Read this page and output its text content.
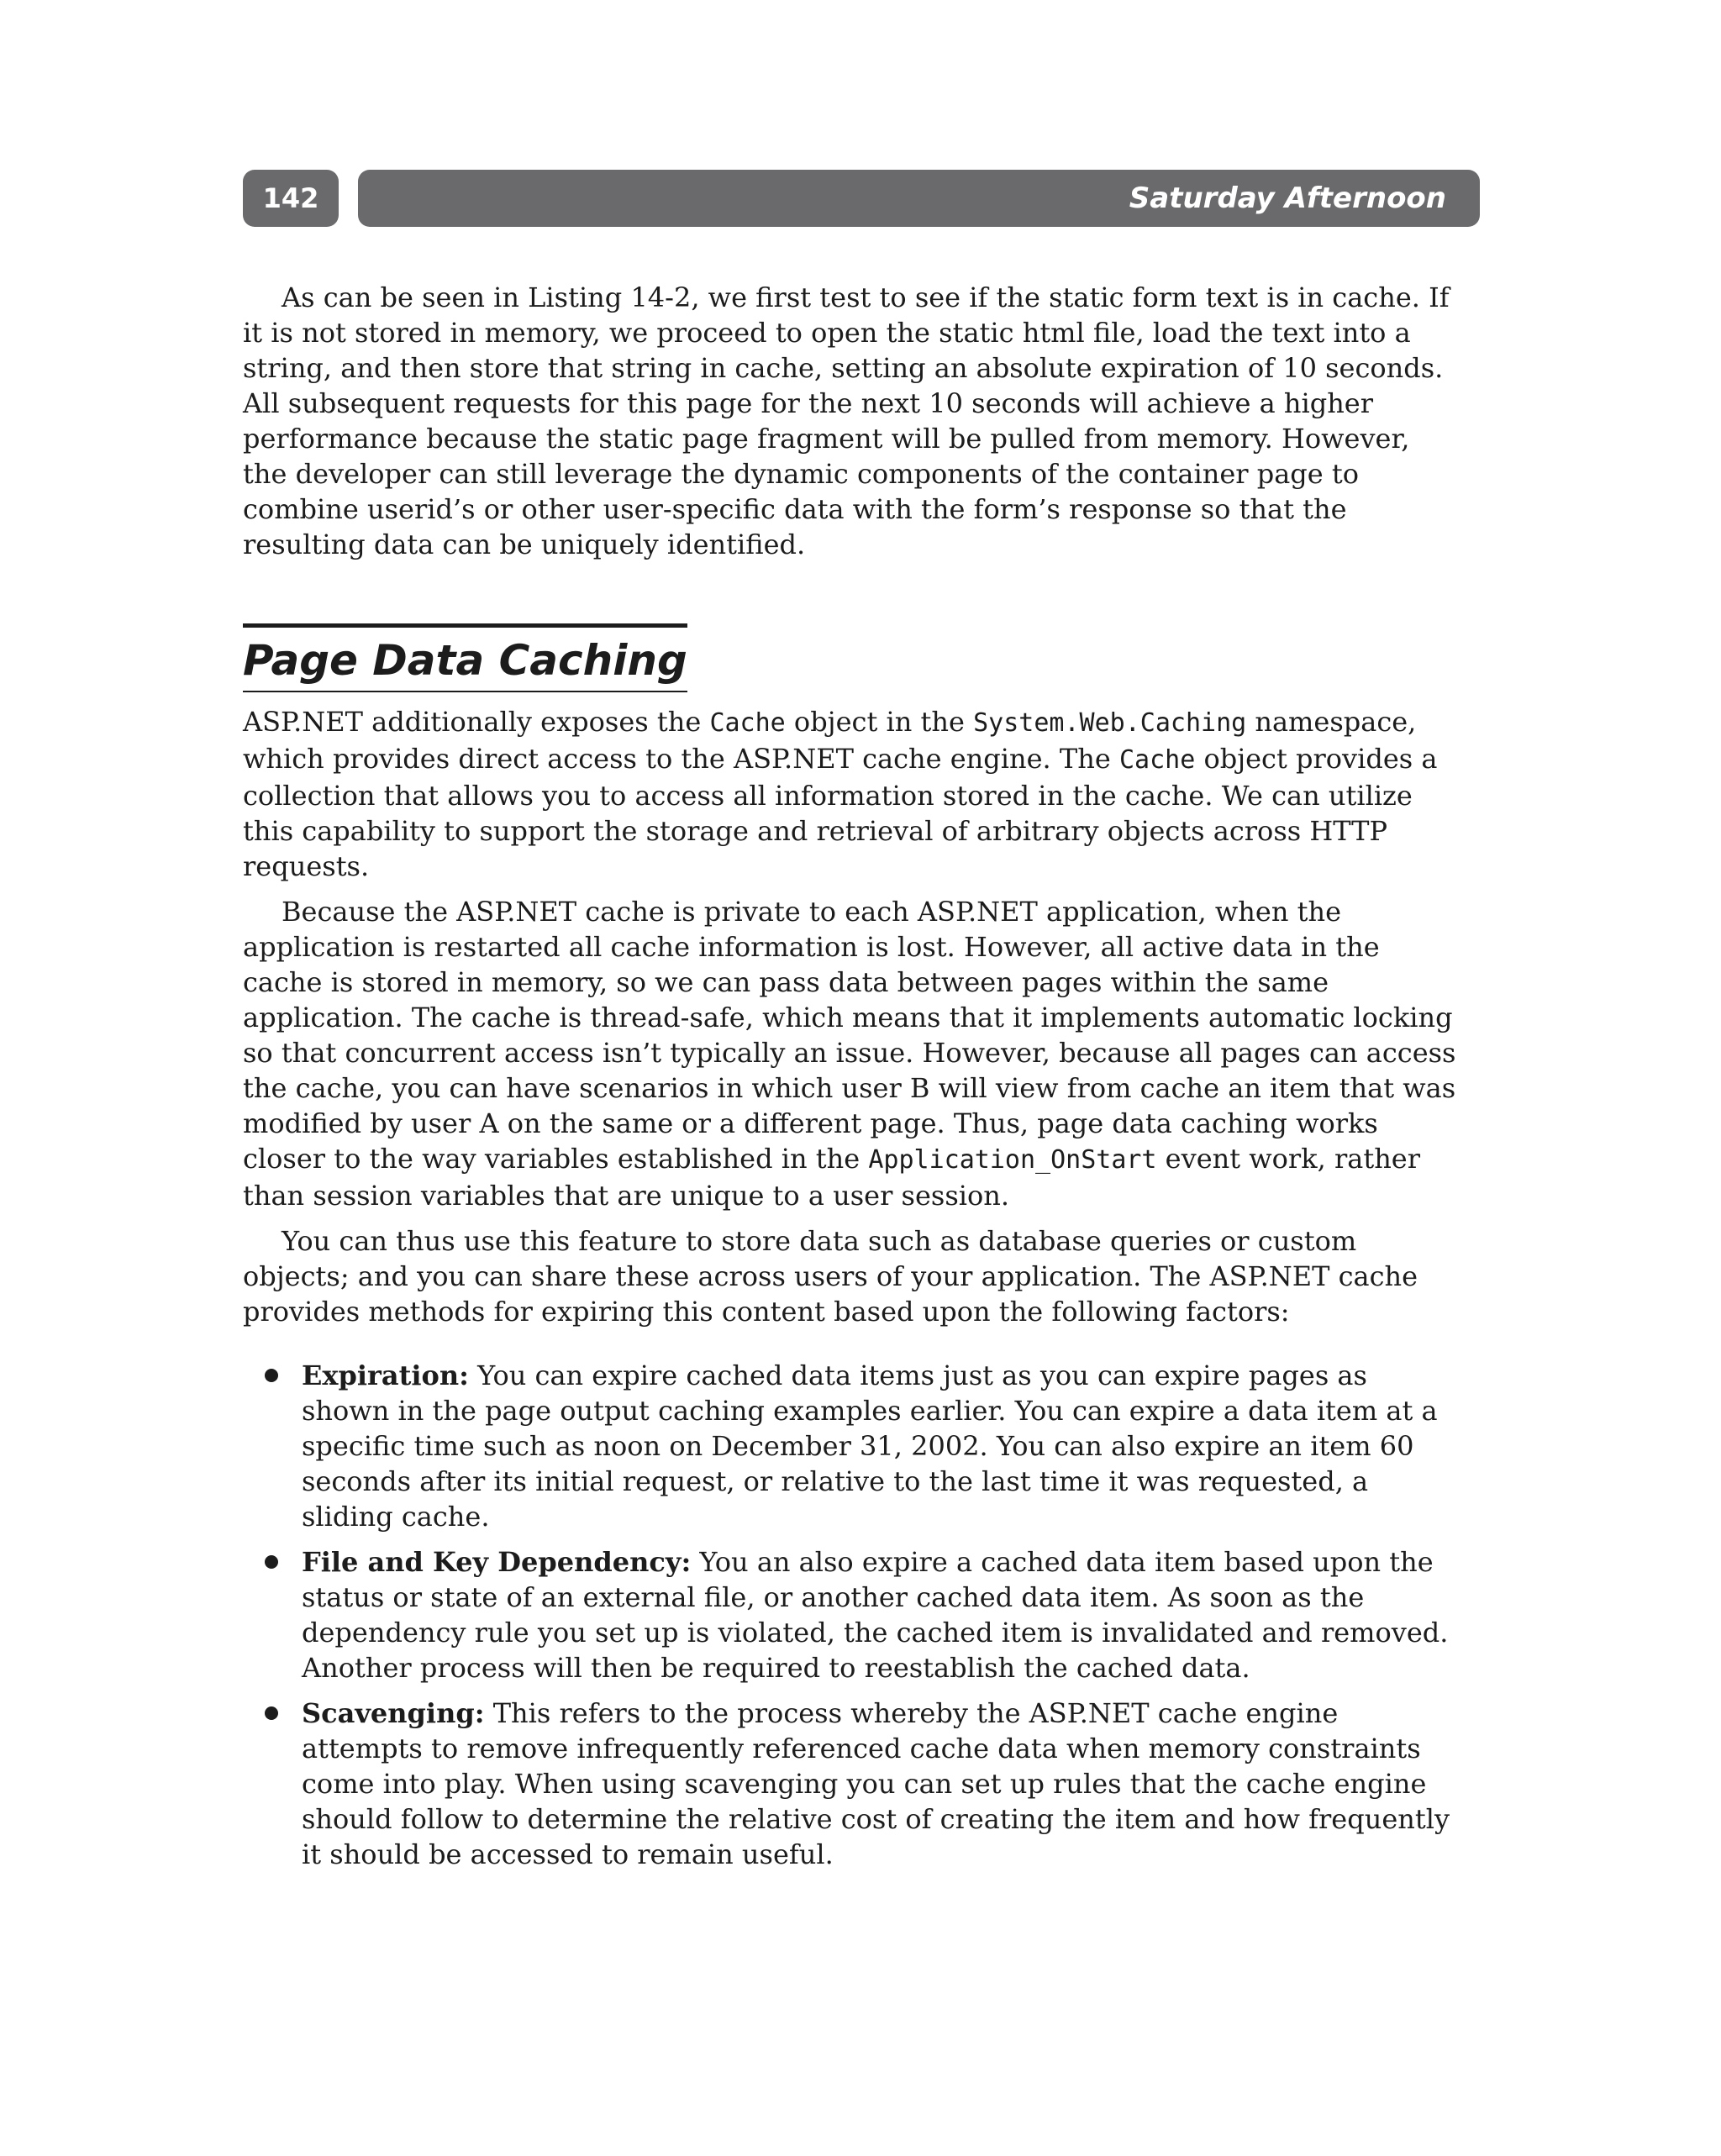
142	Saturday Afternoon

As can be seen in Listing 14-2, we first test to see if the static form text is in cache. If it is not stored in memory, we proceed to open the static html file, load the text into a string, and then store that string in cache, setting an absolute expiration of 10 seconds. All subsequent requests for this page for the next 10 seconds will achieve a higher performance because the static page fragment will be pulled from memory. However, the developer can still leverage the dynamic components of the container page to combine userid’s or other user-specific data with the form’s response so that the resulting data can be uniquely identified.

Page Data Caching

ASP.NET additionally exposes the Cache object in the System.Web.Caching namespace, which provides direct access to the ASP.NET cache engine. The Cache object provides a collection that allows you to access all information stored in the cache. We can utilize this capability to support the storage and retrieval of arbitrary objects across HTTP requests.

Because the ASP.NET cache is private to each ASP.NET application, when the application is restarted all cache information is lost. However, all active data in the cache is stored in memory, so we can pass data between pages within the same application. The cache is thread-safe, which means that it implements automatic locking so that concurrent access isn’t typically an issue. However, because all pages can access the cache, you can have scenarios in which user B will view from cache an item that was modified by user A on the same or a different page. Thus, page data caching works closer to the way variables established in the Application_OnStart event work, rather than session variables that are unique to a user session.

You can thus use this feature to store data such as database queries or custom objects; and you can share these across users of your application. The ASP.NET cache provides methods for expiring this content based upon the following factors:

Expiration: You can expire cached data items just as you can expire pages as shown in the page output caching examples earlier. You can expire a data item at a specific time such as noon on December 31, 2002. You can also expire an item 60 seconds after its initial request, or relative to the last time it was requested, a sliding cache.
File and Key Dependency: You an also expire a cached data item based upon the status or state of an external file, or another cached data item. As soon as the dependency rule you set up is violated, the cached item is invalidated and removed. Another process will then be required to reestablish the cached data.
Scavenging: This refers to the process whereby the ASP.NET cache engine attempts to remove infrequently referenced cache data when memory constraints come into play. When using scavenging you can set up rules that the cache engine should follow to determine the relative cost of creating the item and how frequently it should be accessed to remain useful.
